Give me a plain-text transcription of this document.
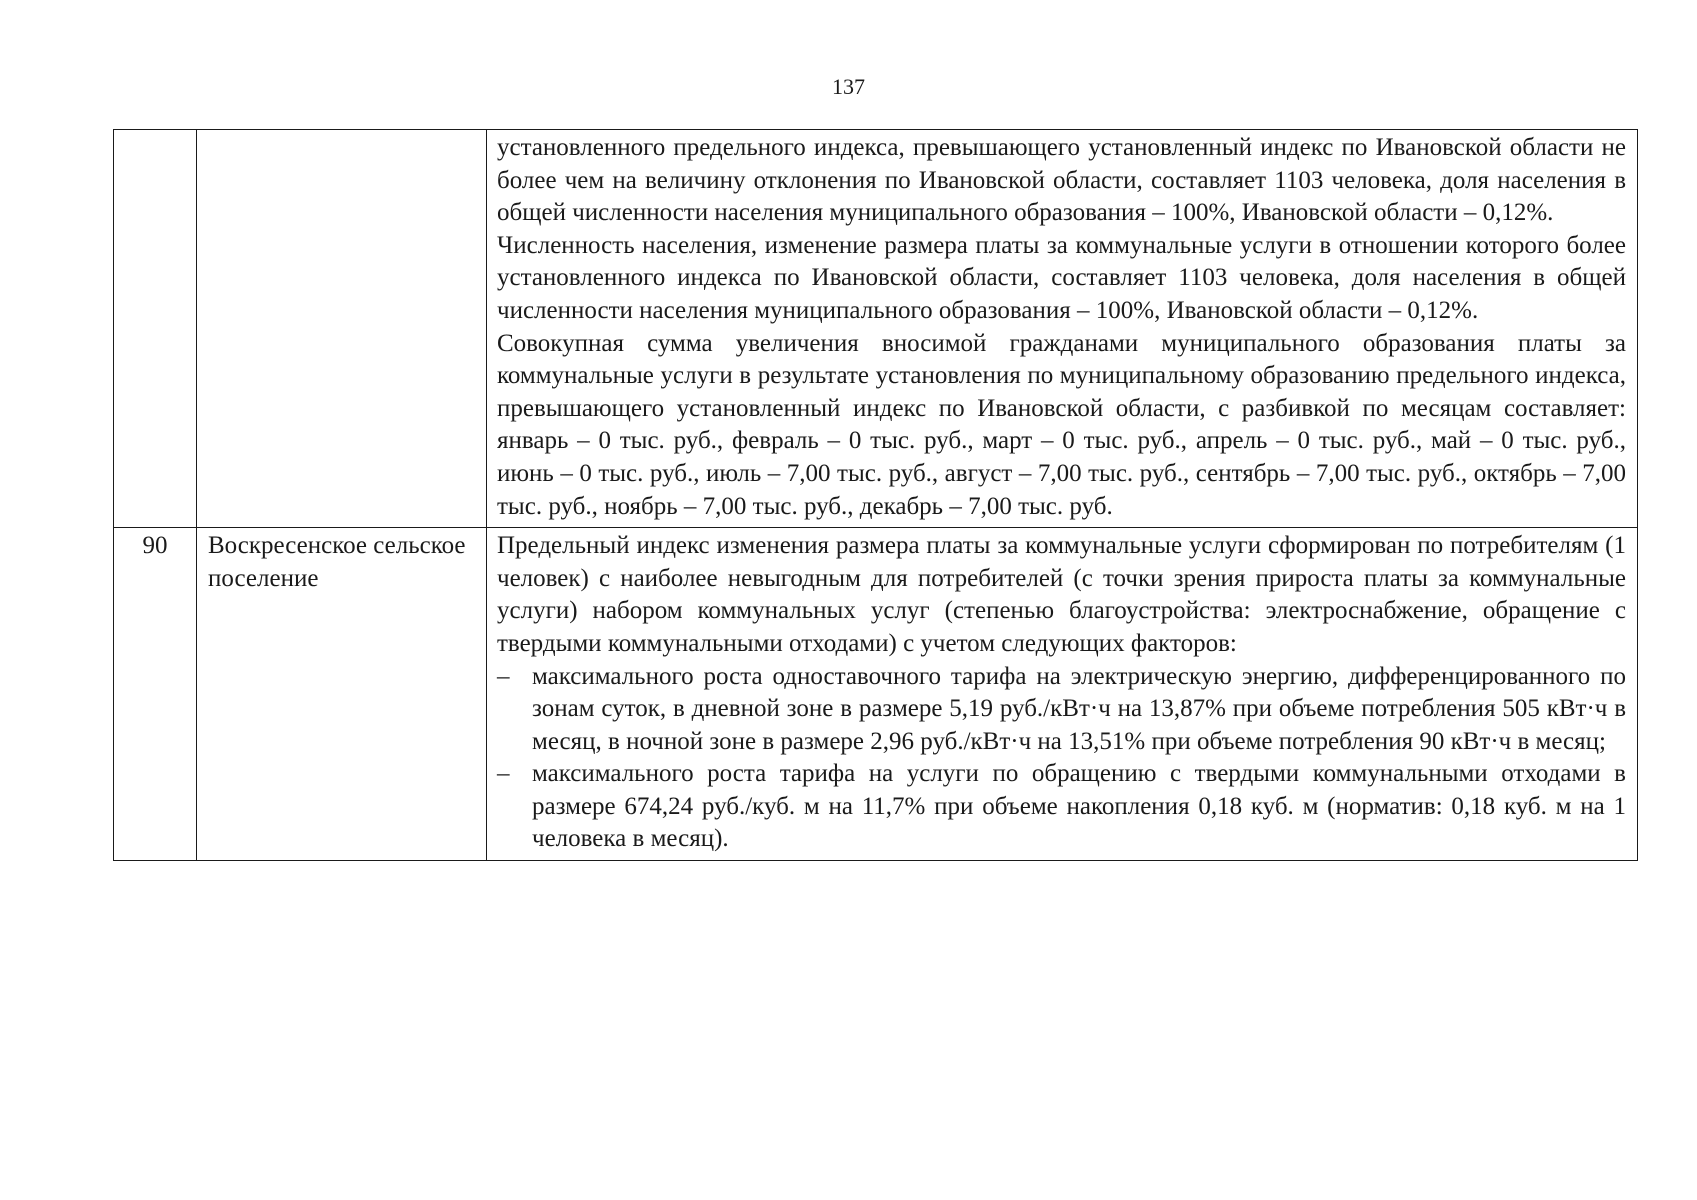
137

		установленного предельного индекса, превышающего установленный индекс по Ивановской области не более чем на величину отклонения по Ивановской области, составляет 1103 человека, доля населения в общей численности населения муниципального образования – 100%, Ивановской области – 0,12%.

Численность населения, изменение размера платы за коммунальные услуги в отношении которого более установленного индекса по Ивановской области, составляет 1103 человека, доля населения в общей численности населения муниципального образования – 100%, Ивановской области – 0,12%.

Совокупная сумма увеличения вносимой гражданами муниципального образования платы за коммунальные услуги в результате установления по муниципальному образованию предельного индекса, превышающего установленный индекс по Ивановской области, с разбивкой по месяцам составляет: январь – 0 тыс. руб., февраль – 0 тыс. руб., март – 0 тыс. руб., апрель – 0 тыс. руб., май – 0 тыс. руб., июнь – 0 тыс. руб., июль – 7,00 тыс. руб., август – 7,00 тыс. руб., сентябрь – 7,00 тыс. руб., октябрь – 7,00 тыс. руб., ноябрь – 7,00 тыс. руб., декабрь – 7,00 тыс. руб.

90	Воскресенское сельское поселение	Предельный индекс изменения размера платы за коммунальные услуги сформирован по потребителям (1 человек) с наиболее невыгодным для потребителей (с точки зрения прироста платы за коммунальные услуги) набором коммунальных услуг (степенью благоустройства: электроснабжение, обращение с твердыми коммунальными отходами) с учетом следующих факторов:

– максимального роста одноставочного тарифа на электрическую энергию, дифференцированного по зонам суток, в дневной зоне в размере 5,19 руб./кВт·ч на 13,87% при объеме потребления 505 кВт·ч в месяц, в ночной зоне в размере 2,96 руб./кВт·ч на 13,51% при объеме потребления 90 кВт·ч в месяц;
– максимального роста тарифа на услуги по обращению с твердыми коммунальными отходами в размере 674,24 руб./куб. м на 11,7% при объеме накопления 0,18 куб. м (норматив: 0,18 куб. м на 1 человека в месяц).
